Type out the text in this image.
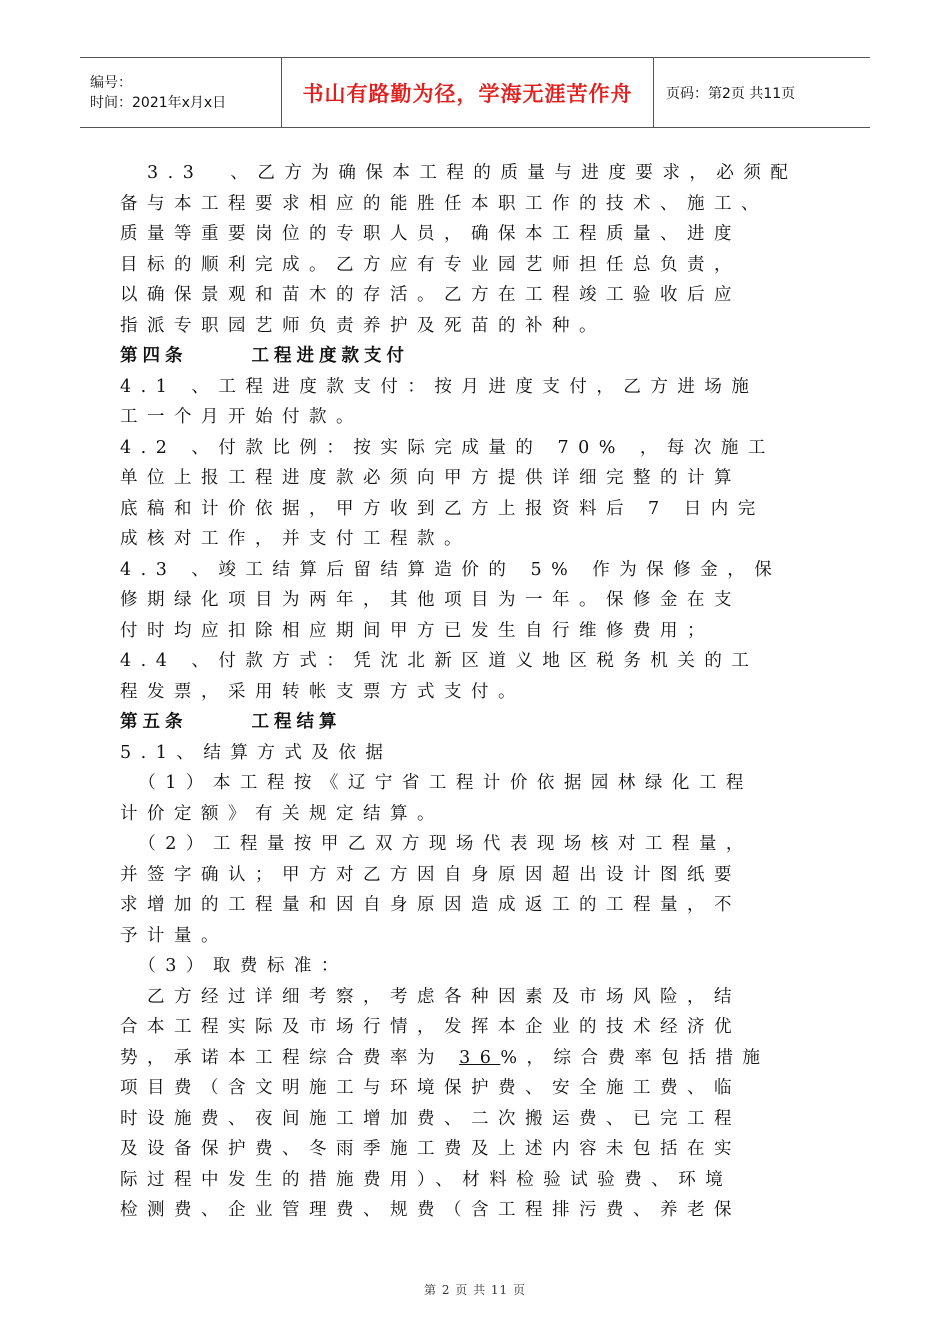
编号：
时间：2021年x月x日	书山有路勤为径，学海无涯苦作舟	页码：第2页 共11页
　3.3　、乙方为确保本工程的质量与进度要求，必须配
备与本工程要求相应的能胜任本职工作的技术、施工、
质量等重要岗位的专职人员，确保本工程质量、进度
目标的顺利完成。乙方应有专业园艺师担任总负责，
以确保景观和苗木的存活。乙方在工程竣工验收后应
指派专职园艺师负责养护及死苗的补种。
第四条	工程进度款支付
4.1 、工程进度款支付：按月进度支付，乙方进场施
工一个月开始付款。
4.2 、付款比例：按实际完成量的 70% ，每次施工
单位上报工程进度款必须向甲方提供详细完整的计算
底稿和计价依据，甲方收到乙方上报资料后 7 日内完
成核对工作，并支付工程款。
4.3 、竣工结算后留结算造价的 5% 作为保修金，保
修期绿化项目为两年，其他项目为一年。保修金在支
付时均应扣除相应期间甲方已发生自行维修费用；
4.4 、付款方式：凭沈北新区道义地区税务机关的工
程发票，采用转帐支票方式支付。
第五条	工程结算
5.1、结算方式及依据
　（1）本工程按《辽宁省工程计价依据园林绿化工程
计价定额》有关规定结算。
　（2）工程量按甲乙双方现场代表现场核对工程量，
并签字确认；甲方对乙方因自身原因超出设计图纸要
求增加的工程量和因自身原因造成返工的工程量，不
予计量。
　（3）取费标准：
　乙方经过详细考察，考虑各种因素及市场风险，结
合本工程实际及市场行情，发挥本企业的技术经济优
势，承诺本工程综合费率为 36%，综合费率包括措施
项目费（含文明施工与环境保护费、安全施工费、临
时设施费、夜间施工增加费、二次搬运费、已完工程
及设备保护费、冬雨季施工费及上述内容未包括在实
际过程中发生的措施费用）、材料检验试验费、环境
检测费、企业管理费、规费（含工程排污费、养老保
第 2 页 共 11 页
